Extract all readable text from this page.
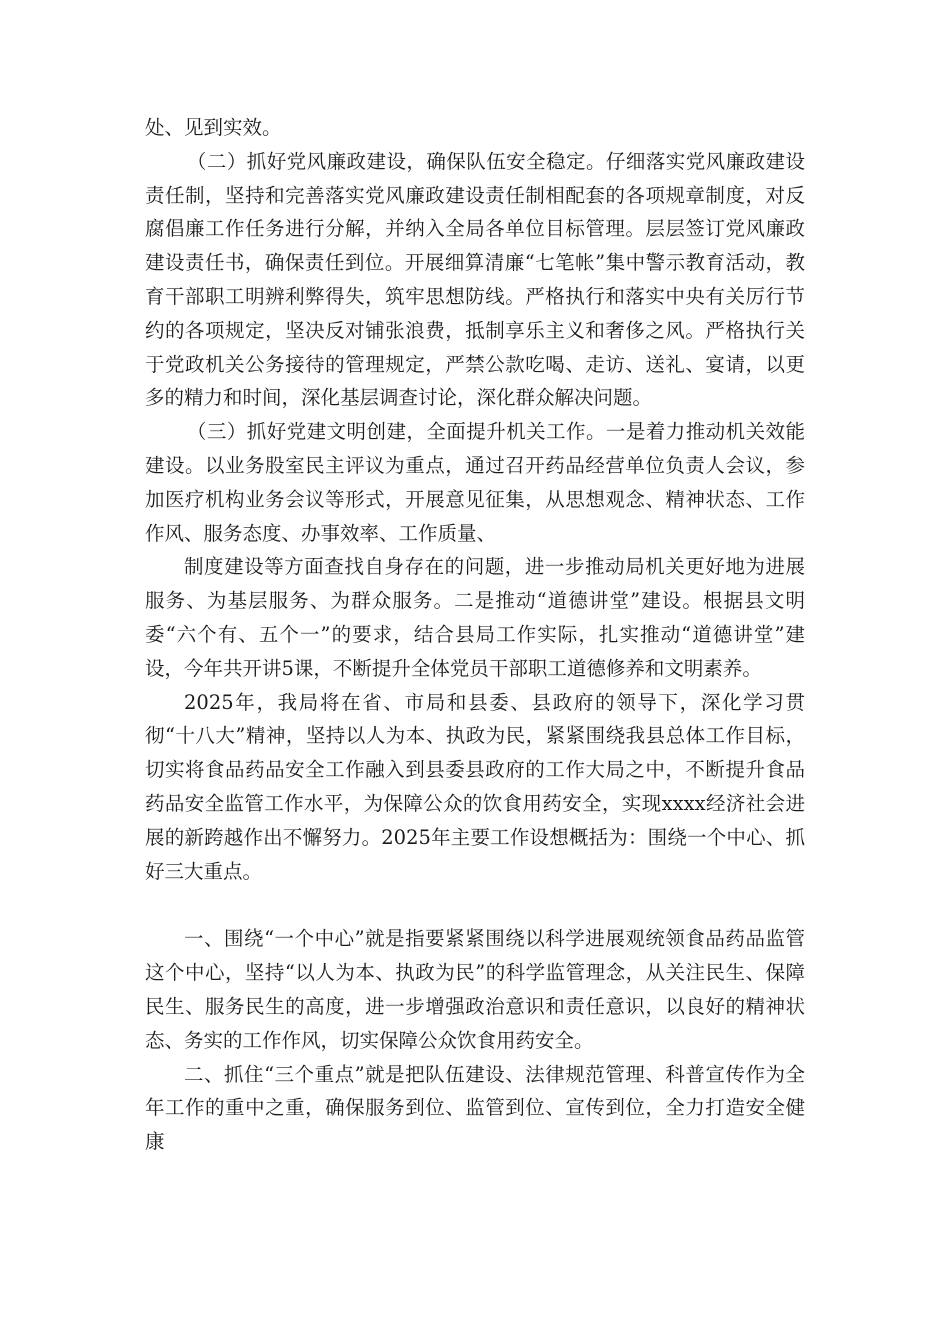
处、见到实效。

（二）抓好党风廉政建设，确保队伍安全稳定。仔细落实党风廉政建设责任制，坚持和完善落实党风廉政建设责任制相配套的各项规章制度，对反腐倡廉工作任务进行分解，并纳入全局各单位目标管理。层层签订党风廉政建设责任书，确保责任到位。开展细算清廉“七笔帐”集中警示教育活动，教育干部职工明辨利弊得失，筑牢思想防线。严格执行和落实中央有关厉行节约的各项规定，坚决反对铺张浪费，抵制享乐主义和奢侈之风。严格执行关于党政机关公务接待的管理规定，严禁公款吃喝、走访、送礼、宴请，以更多的精力和时间，深化基层调查讨论，深化群众解决问题。

（三）抓好党建文明创建，全面提升机关工作。一是着力推动机关效能建设。以业务股室民主评议为重点，通过召开药品经营单位负责人会议，参加医疗机构业务会议等形式，开展意见征集，从思想观念、精神状态、工作作风、服务态度、办事效率、工作质量、

制度建设等方面查找自身存在的问题，进一步推动局机关更好地为进展服务、为基层服务、为群众服务。二是推动“道德讲堂”建设。根据县文明委“六个有、五个一”的要求，结合县局工作实际，扎实推动“道德讲堂”建设，今年共开讲5课，不断提升全体党员干部职工道德修养和文明素养。

2025年，我局将在省、市局和县委、县政府的领导下，深化学习贯彻“十八大”精神，坚持以人为本、执政为民，紧紧围绕我县总体工作目标，切实将食品药品安全工作融入到县委县政府的工作大局之中，不断提升食品药品安全监管工作水平，为保障公众的饮食用药安全，实现xxxx经济社会进展的新跨越作出不懈努力。2025年主要工作设想概括为：围绕一个中心、抓好三大重点。

一、围绕“一个中心”就是指要紧紧围绕以科学进展观统领食品药品监管这个中心，坚持“以人为本、执政为民”的科学监管理念，从关注民生、保障民生、服务民生的高度，进一步增强政治意识和责任意识，以良好的精神状态、务实的工作作风，切实保障公众饮食用药安全。

二、抓住“三个重点”就是把队伍建设、法律规范管理、科普宣传作为全年工作的重中之重，确保服务到位、监管到位、宣传到位，全力打造安全健康
